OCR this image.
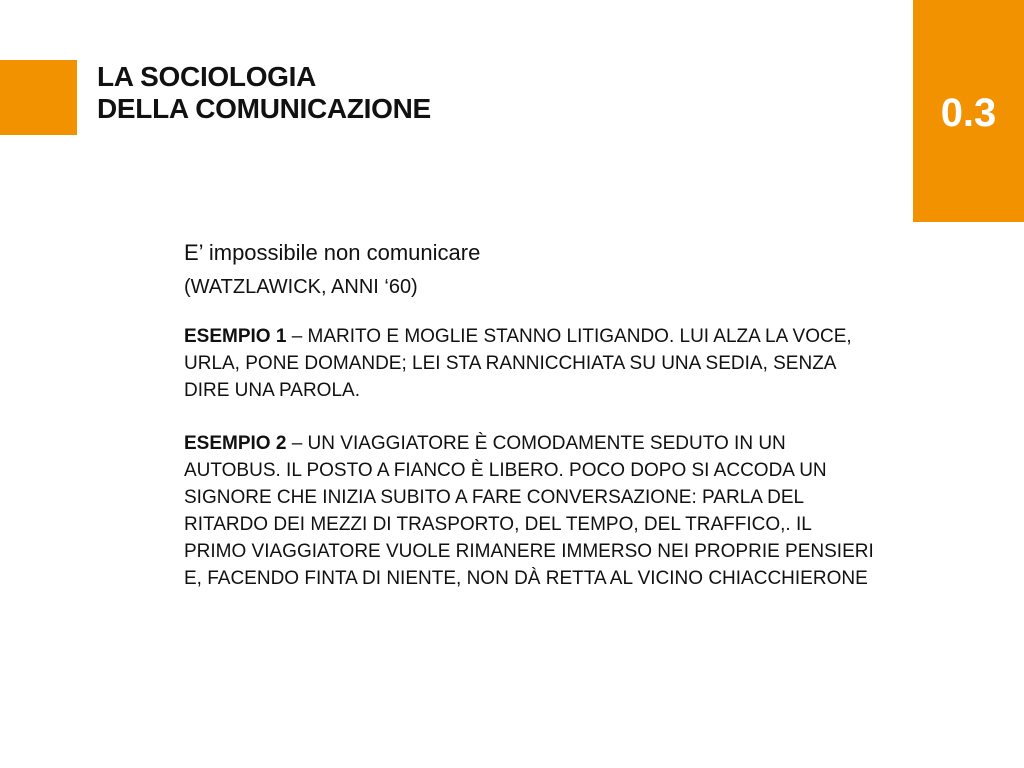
LA SOCIOLOGIA
DELLA COMUNICAZIONE	0.3

E’ impossibile non comunicare

(WATZLAWICK, ANNI ‘60)

ESEMPIO 1 – MARITO E MOGLIE STANNO LITIGANDO. LUI ALZA LA VOCE, URLA, PONE DOMANDE; LEI STA RANNICCHIATA SU UNA SEDIA, SENZA DIRE UNA PAROLA.

ESEMPIO 2 – UN VIAGGIATORE È COMODAMENTE SEDUTO IN UN AUTOBUS. IL POSTO A FIANCO È LIBERO. POCO DOPO SI ACCODA UN SIGNORE CHE INIZIA SUBITO A FARE CONVERSAZIONE: PARLA DEL RITARDO DEI MEZZI DI TRASPORTO, DEL TEMPO, DEL TRAFFICO,. IL PRIMO VIAGGIATORE VUOLE RIMANERE IMMERSO NEI PROPRIE PENSIERI E, FACENDO FINTA DI NIENTE, NON DÀ RETTA AL VICINO CHIACCHIERONE
